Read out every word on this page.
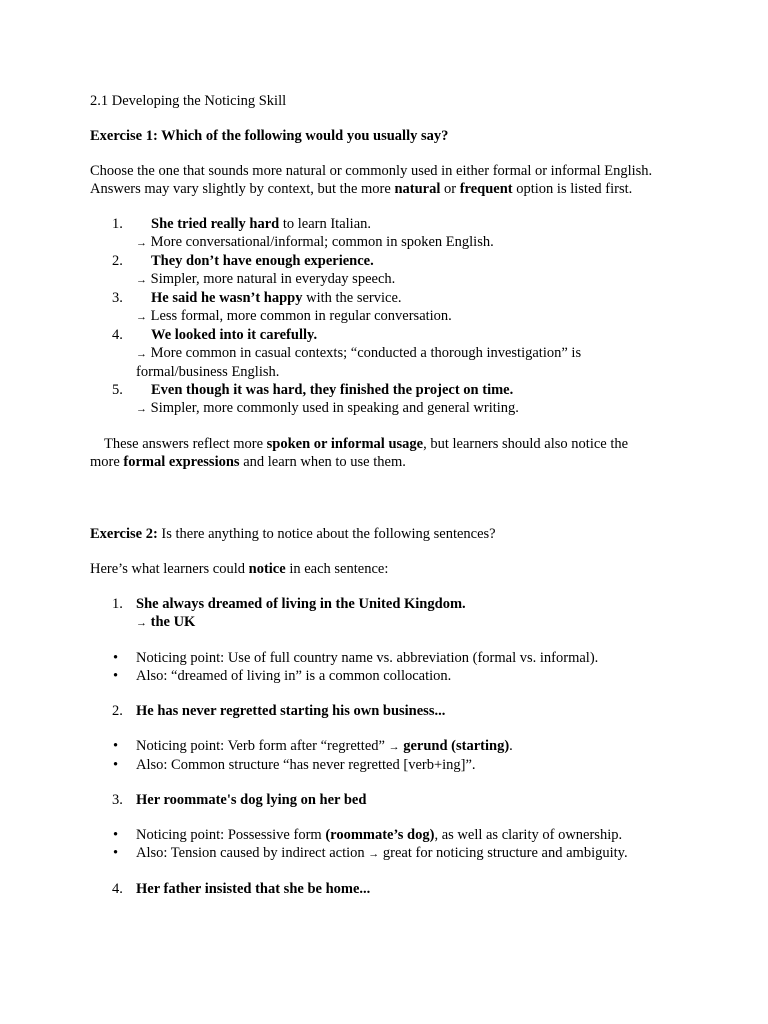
2.1 Developing the Noticing Skill

Exercise 1: Which of the following would you usually say?

Choose the one that sounds more natural or commonly used in either formal or informal English.

Answers may vary slightly by context, but the more natural or frequent option is listed first.

1.	She tried really hard to learn Italian.
→ More conversational/informal; common in spoken English.
2.	They don’t have enough experience.
→ Simpler, more natural in everyday speech.
3.	He said he wasn’t happy with the service.
→ Less formal, more common in regular conversation.
4.	We looked into it carefully.
→ More common in casual contexts; “conducted a thorough investigation” is
formal/business English.
5.	Even though it was hard, they finished the project on time.
→ Simpler, more commonly used in speaking and general writing.

These answers reflect more spoken or informal usage, but learners should also notice the

more formal expressions and learn when to use them.

Exercise 2: Is there anything to notice about the following sentences?

Here’s what learners could notice in each sentence:

1. She always dreamed of living in the United Kingdom.

→ the UK

• Noticing point: Use of full country name vs. abbreviation (formal vs. informal).
• Also: “dreamed of living in” is a common collocation.
2. He has never regretted starting his own business...

• Noticing point: Verb form after “regretted” → gerund (starting).
• Also: Common structure “has never regretted [verb+ing]”.
3. Her roommate's dog lying on her bed

• Noticing point: Possessive form (roommate’s dog), as well as clarity of ownership.
• Also: Tension caused by indirect action → great for noticing structure and ambiguity.
4. Her father insisted that she be home...
